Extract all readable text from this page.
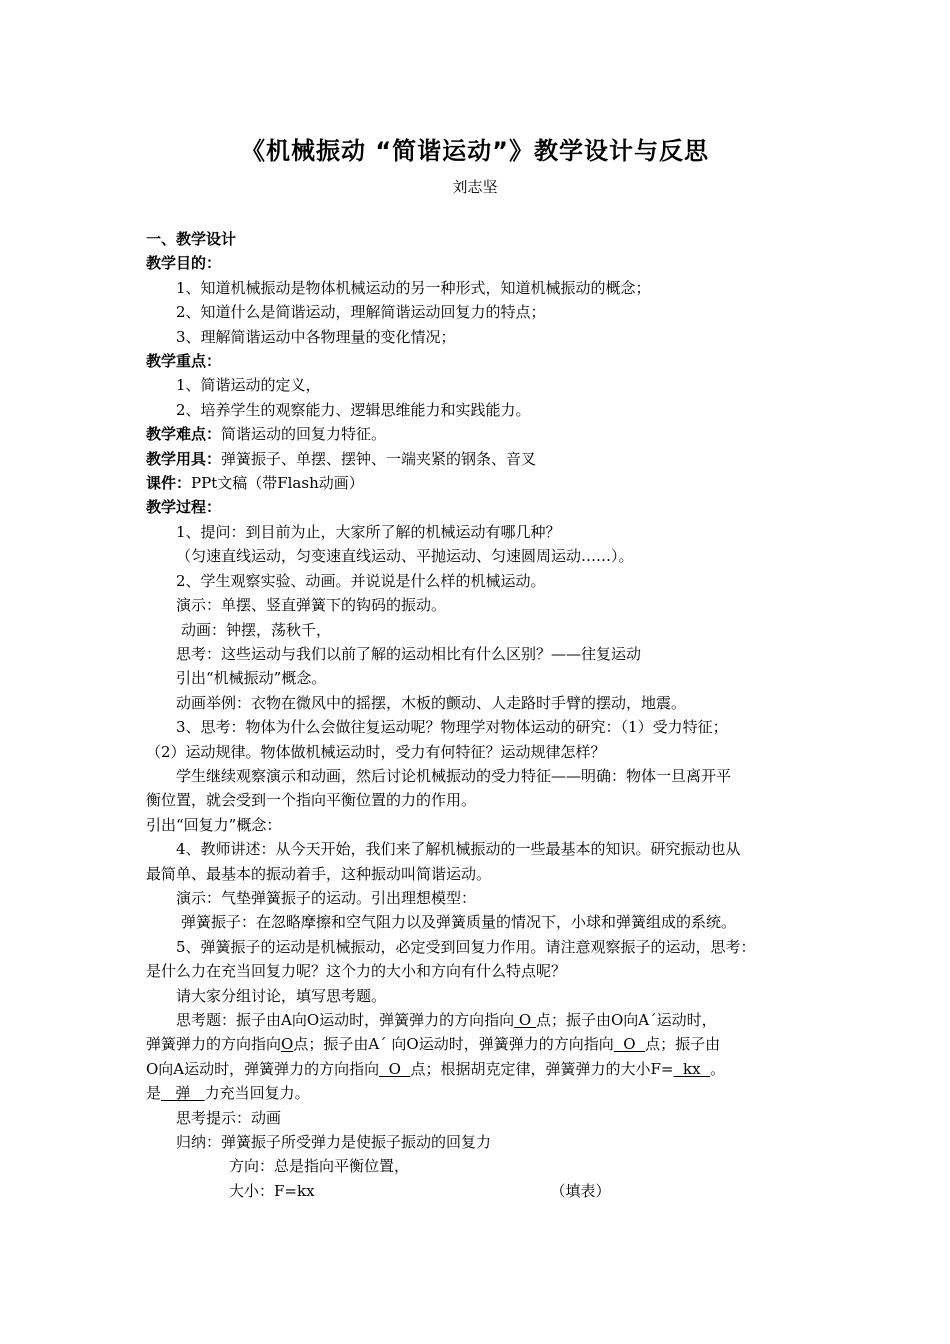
《机械振动 “简谐运动”》教学设计与反思
刘志坚

一、教学设计

教学目的：

1、知道机械振动是物体机械运动的另一种形式，知道机械振动的概念；

2、知道什么是简谐运动，理解简谐运动回复力的特点；

3、理解简谐运动中各物理量的变化情况；

教学重点：

1、简谐运动的定义，

2、培养学生的观察能力、逻辑思维能力和实践能力。

教学难点：简谐运动的回复力特征。

教学用具：弹簧振子、单摆、摆钟、一端夹紧的钢条、音叉

课件：PPt文稿（带Flash动画）

教学过程：

1、提问：到目前为止，大家所了解的机械运动有哪几种？

（匀速直线运动，匀变速直线运动、平抛运动、匀速圆周运动……）。

2、学生观察实验、动画。并说说是什么样的机械运动。

演示：单摆、竖直弹簧下的钩码的振动。

动画：钟摆，荡秋千，

思考：这些运动与我们以前了解的运动相比有什么区别？——往复运动

引出“机械振动”概念。

动画举例：衣物在微风中的摇摆，木板的颤动、人走路时手臂的摆动，地震。

3、思考：物体为什么会做往复运动呢？物理学对物体运动的研究：（1）受力特征；

（2）运动规律。物体做机械运动时，受力有何特征？运动规律怎样？

学生继续观察演示和动画，然后讨论机械振动的受力特征——明确：物体一旦离开平

衡位置，就会受到一个指向平衡位置的力的作用。

引出“回复力”概念：

4、教师讲述：从今天开始，我们来了解机械振动的一些最基本的知识。研究振动也从

最简单、最基本的振动着手，这种振动叫简谐运动。

演示：气垫弹簧振子的运动。引出理想模型：

弹簧振子：在忽略摩擦和空气阻力以及弹簧质量的情况下，小球和弹簧组成的系统。

5、弹簧振子的运动是机械振动，必定受到回复力作用。请注意观察振子的运动，思考：

是什么力在充当回复力呢？这个力的大小和方向有什么特点呢？

请大家分组讨论，填写思考题。

思考题：振子由A向O运动时，弹簧弹力的方向指向 O 点；振子由O向A´运动时，

弹簧弹力的方向指向O点；振子由A´ 向O运动时，弹簧弹力的方向指向  O  点；振子由

O向A运动时，弹簧弹力的方向指向  O  点；根据胡克定律，弹簧弹力的大小F=  kx  。

是   弹   力充当回复力。

思考提示：动画

归纳：弹簧振子所受弹力是使振子振动的回复力

方向：总是指向平衡位置，

大小：F=kx	（填表）
